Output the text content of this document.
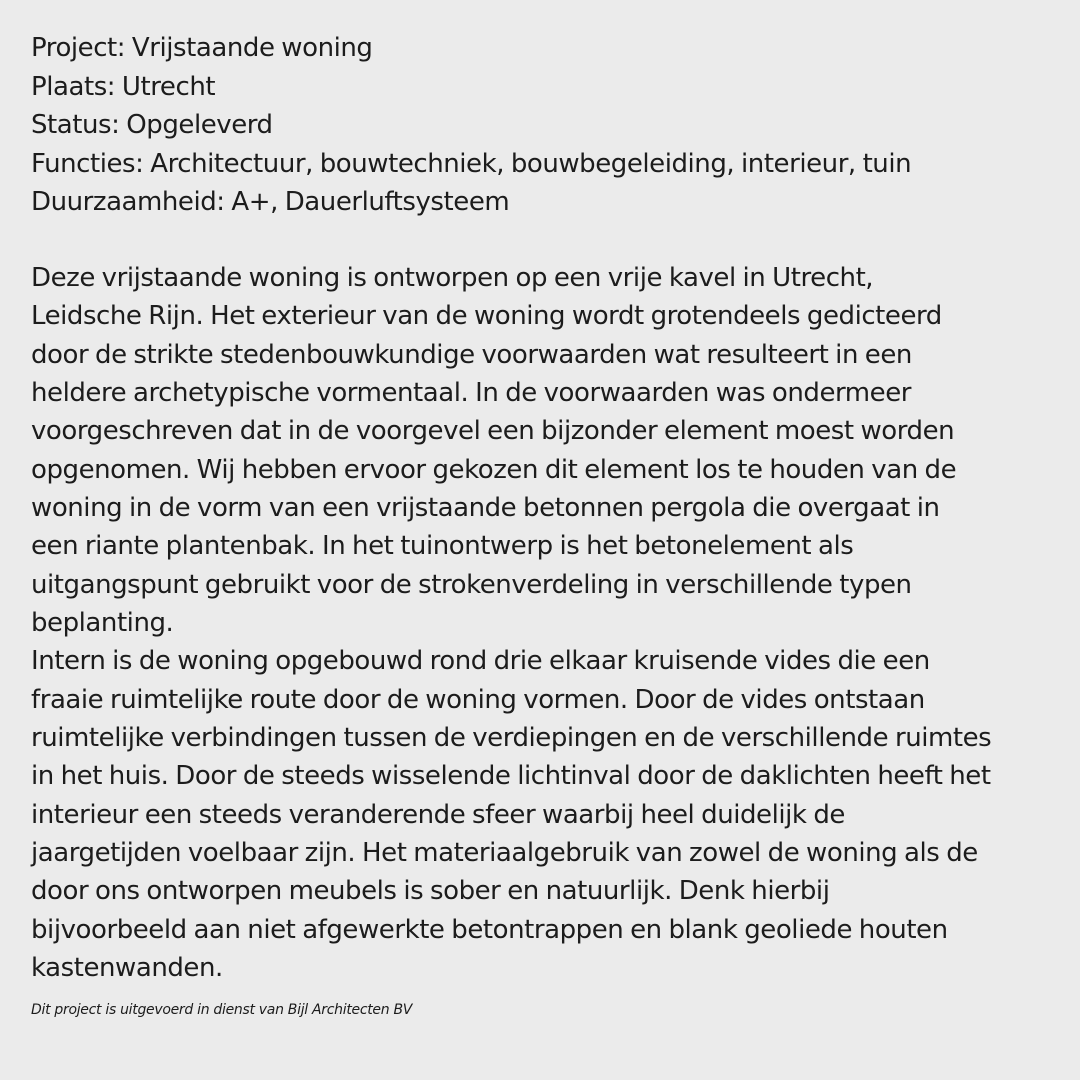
Project: Vrijstaande woning

Plaats: Utrecht

Status: Opgeleverd

Functies: Architectuur, bouwtechniek, bouwbegeleiding, interieur, tuin

Duurzaamheid: A+, Dauerluftsysteem

Deze vrijstaande woning is ontworpen op een vrije kavel in Utrecht,
Leidsche Rijn. Het exterieur van de woning wordt grotendeels gedicteerd
door de strikte stedenbouwkundige voorwaarden wat resulteert in een
heldere archetypische vormentaal. In de voorwaarden was ondermeer
voorgeschreven dat in de voorgevel een bijzonder element moest worden
opgenomen. Wij hebben ervoor gekozen dit element los te houden van de
woning in de vorm van een vrijstaande betonnen pergola die overgaat in
een riante plantenbak. In het tuinontwerp is het betonelement als
uitgangspunt gebruikt voor de strokenverdeling in verschillende typen
beplanting.

Intern is de woning opgebouwd rond drie elkaar kruisende vides die een
fraaie ruimtelijke route door de woning vormen. Door de vides ontstaan
ruimtelijke verbindingen tussen de verdiepingen en de verschillende ruimtes
in het huis. Door de steeds wisselende lichtinval door de daklichten heeft het
interieur een steeds veranderende sfeer waarbij heel duidelijk de
jaargetijden voelbaar zijn. Het materiaalgebruik van zowel de woning als de
door ons ontworpen meubels is sober en natuurlijk. Denk hierbij
bijvoorbeeld aan niet afgewerkte betontrappen en blank geoliede houten
kastenwanden.

Dit project is uitgevoerd in dienst van Bijl Architecten BV
